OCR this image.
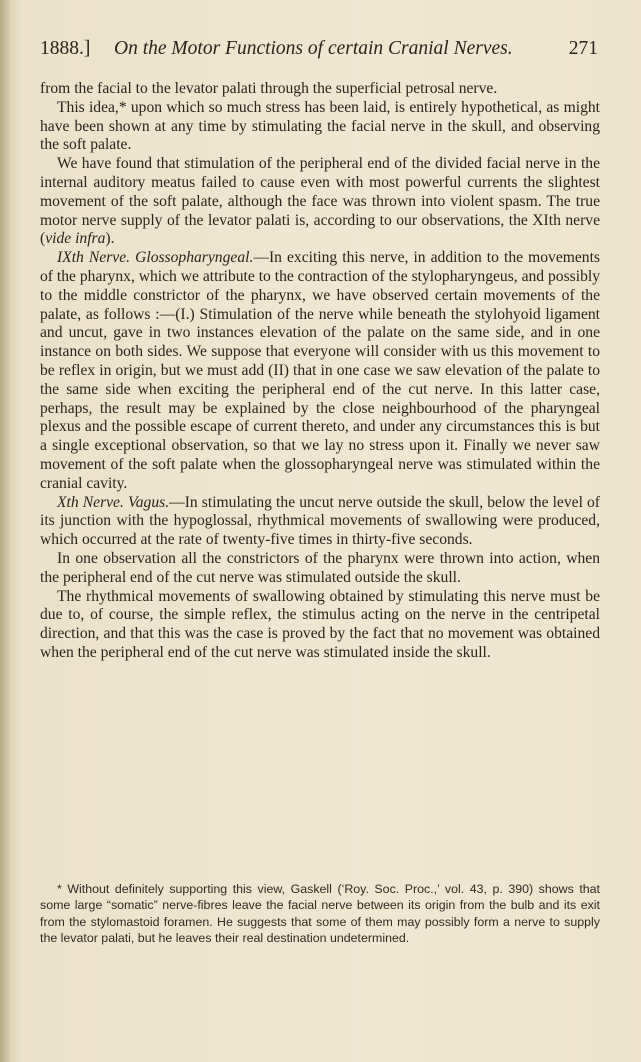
1888.] On the Motor Functions of certain Cranial Nerves.	271

from the facial to the levator palati through the superficial petrosal nerve.

This idea,* upon which so much stress has been laid, is entirely hypothetical, as might have been shown at any time by stimulating the facial nerve in the skull, and observing the soft palate.

We have found that stimulation of the peripheral end of the divided facial nerve in the internal auditory meatus failed to cause even with most powerful currents the slightest movement of the soft palate, although the face was thrown into violent spasm. The true motor nerve supply of the levator palati is, according to our observations, the XIth nerve (vide infra).

IXth Nerve. Glossopharyngeal.—In exciting this nerve, in addition to the movements of the pharynx, which we attribute to the contraction of the stylopharyngeus, and possibly to the middle constrictor of the pharynx, we have observed certain movements of the palate, as follows :—(I.) Stimulation of the nerve while beneath the stylohyoid ligament and uncut, gave in two instances elevation of the palate on the same side, and in one instance on both sides. We suppose that everyone will consider with us this movement to be reflex in origin, but we must add (II) that in one case we saw elevation of the palate to the same side when exciting the peripheral end of the cut nerve. In this latter case, perhaps, the result may be explained by the close neighbourhood of the pharyngeal plexus and the possible escape of current thereto, and under any circumstances this is but a single exceptional observation, so that we lay no stress upon it. Finally we never saw movement of the soft palate when the glossopharyngeal nerve was stimulated within the cranial cavity.

Xth Nerve. Vagus.—In stimulating the uncut nerve outside the skull, below the level of its junction with the hypoglossal, rhythmical movements of swallowing were produced, which occurred at the rate of twenty-five times in thirty-five seconds.

In one observation all the constrictors of the pharynx were thrown into action, when the peripheral end of the cut nerve was stimulated outside the skull.

The rhythmical movements of swallowing obtained by stimulating this nerve must be due to, of course, the simple reflex, the stimulus acting on the nerve in the centripetal direction, and that this was the case is proved by the fact that no movement was obtained when the peripheral end of the cut nerve was stimulated inside the skull.

* Without definitely supporting this view, Gaskell (‘Roy. Soc. Proc.,’ vol. 43, p. 390) shows that some large “somatic” nerve-fibres leave the facial nerve between its origin from the bulb and its exit from the stylomastoid foramen. He suggests that some of them may possibly form a nerve to supply the levator palati, but he leaves their real destination undetermined.
